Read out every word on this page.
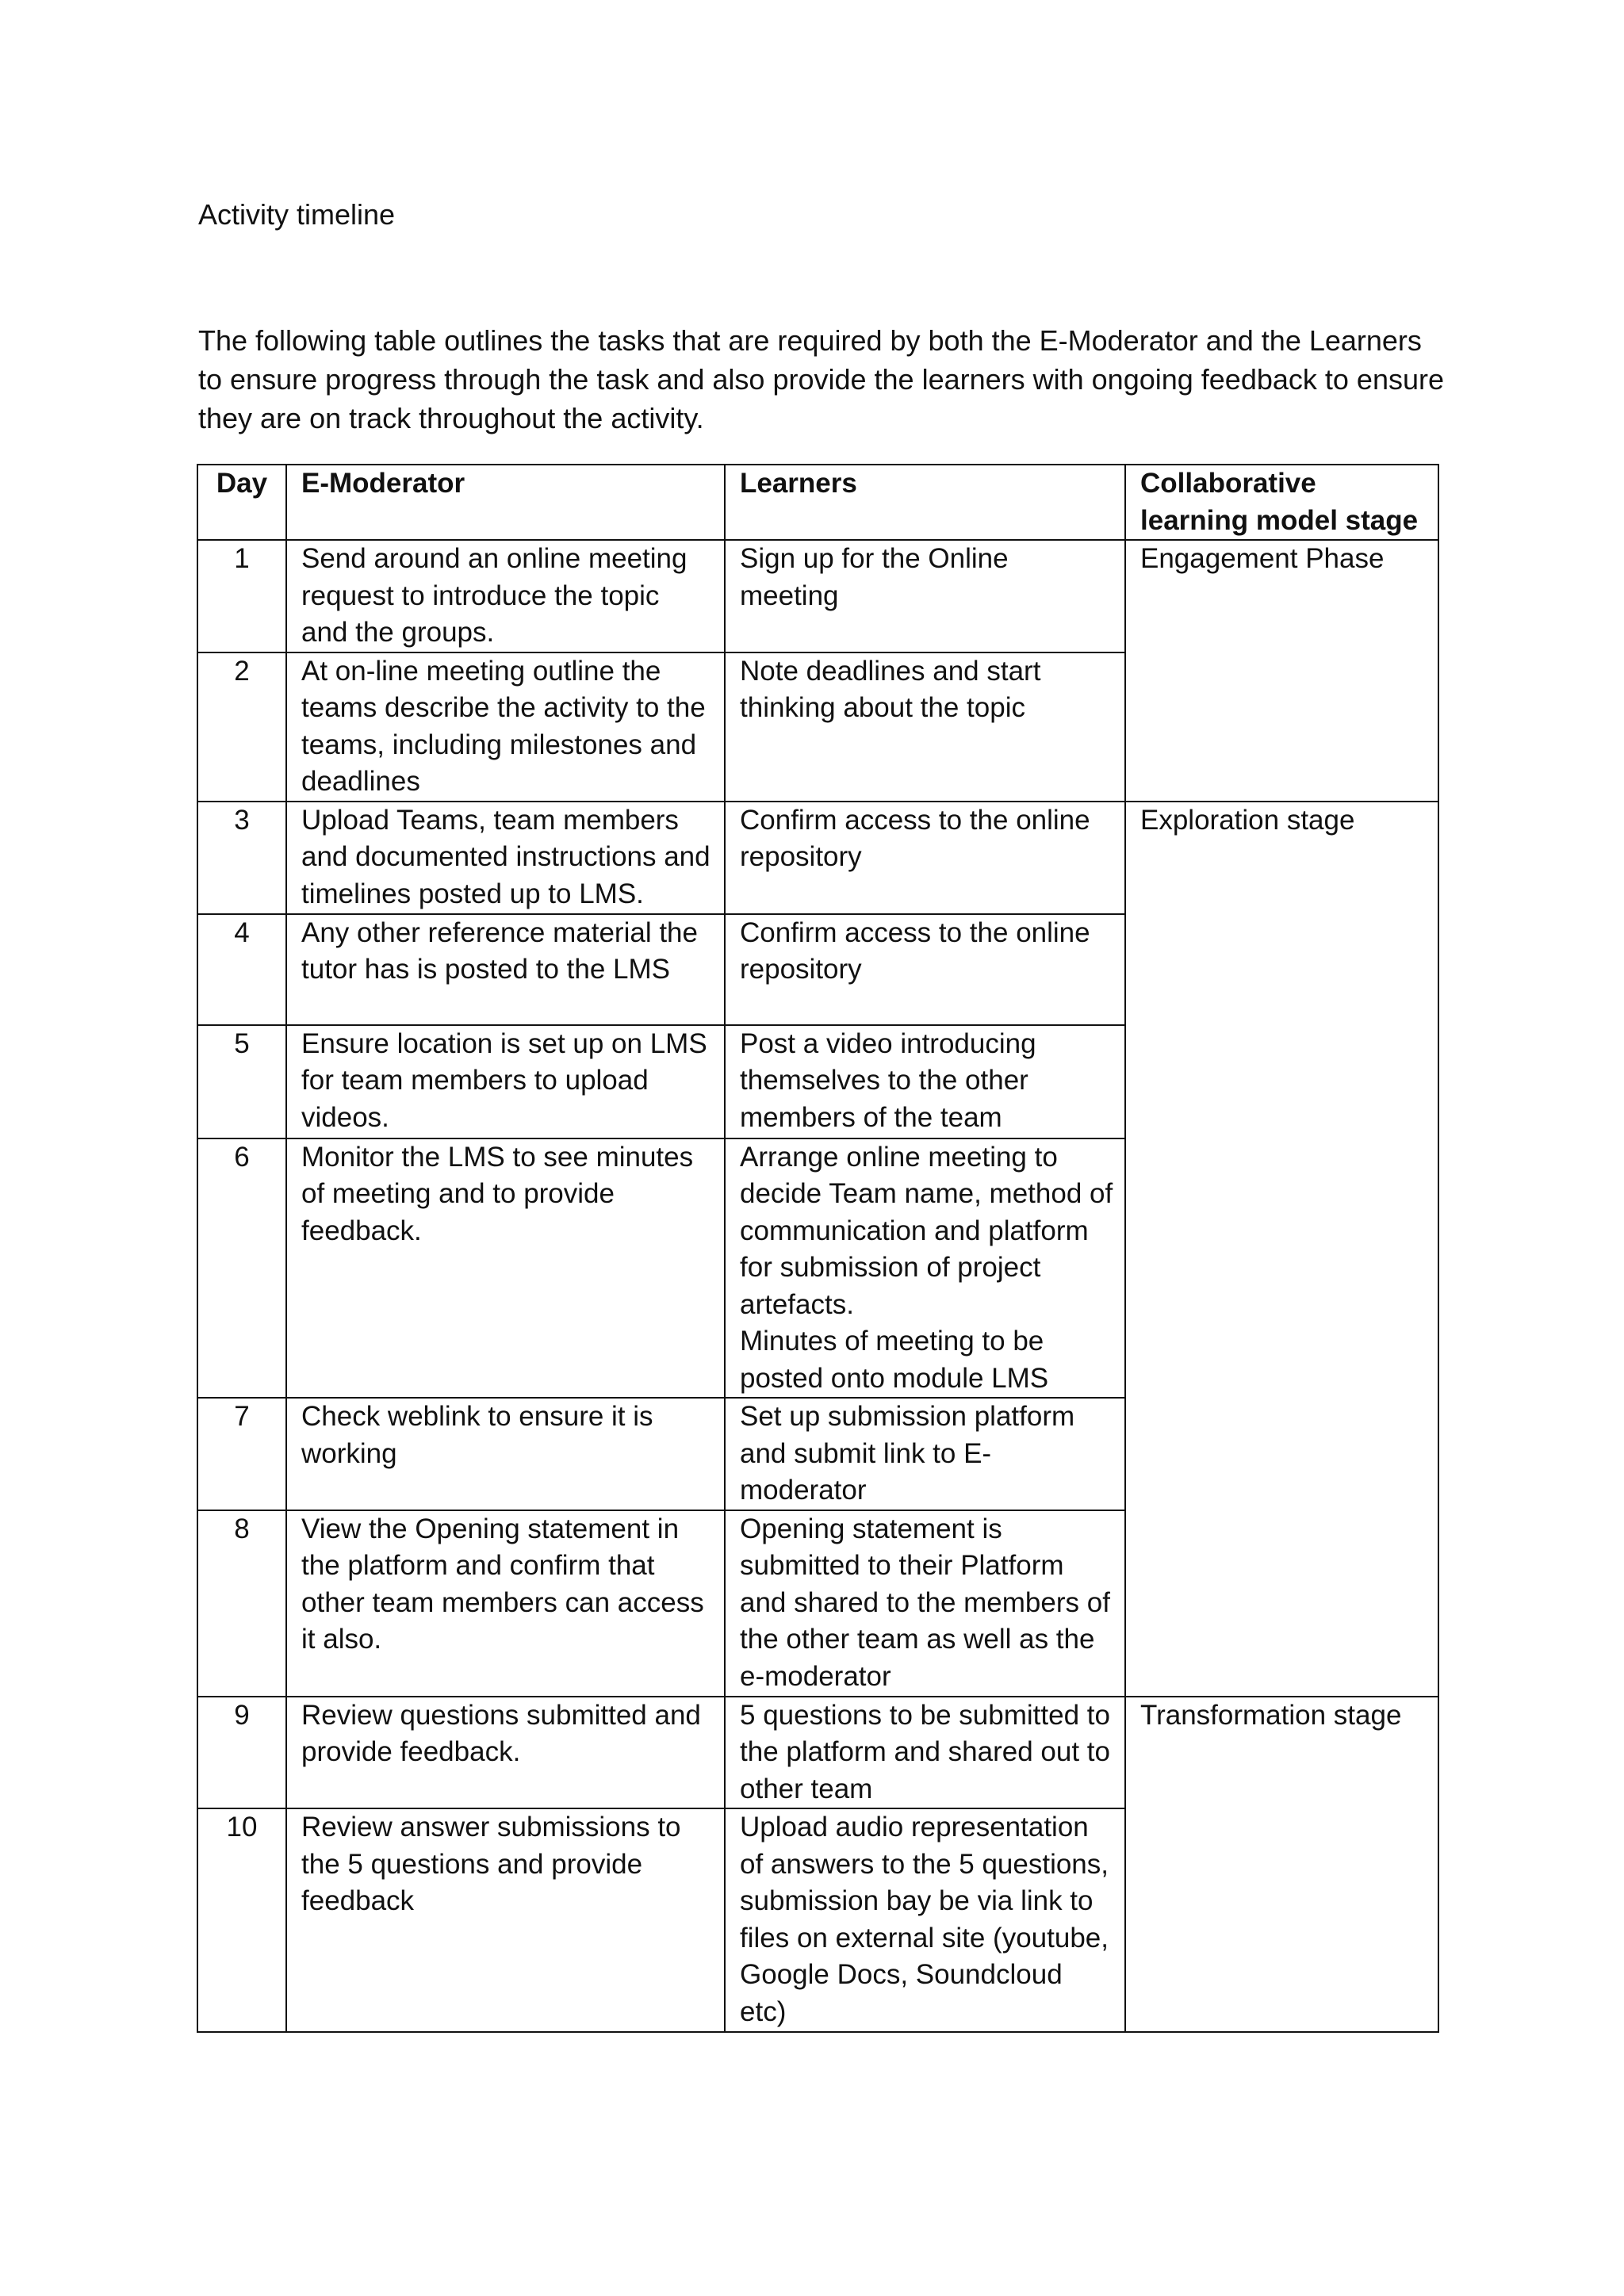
Activity timeline

The following table outlines the tasks that are required by both the E-Moderator and the Learners to ensure progress through the task and also provide the learners with ongoing feedback to ensure they are on track throughout the activity.

Day	E-Moderator	Learners	Collaborative learning model stage
1	Send around an online meeting request to introduce the topic and the groups.	Sign up for the Online meeting	Engagement Phase
2	At on-line meeting outline the teams describe the activity to the teams, including milestones and deadlines	Note deadlines and start thinking about the topic	
3	Upload Teams, team members and documented instructions and timelines posted up to LMS.	Confirm access to the online repository	Exploration stage
4	Any other reference material the tutor has is posted to the LMS	Confirm access to the online repository	
5	Ensure location is set up on LMS for team members to upload videos.	Post a video introducing themselves to the other members of the team	
6	Monitor the LMS to see minutes of meeting and to provide feedback.	Arrange online meeting to decide Team name, method of communication and platform for submission of project artefacts.
Minutes of meeting to be posted onto module LMS	
7	Check weblink to ensure it is working	Set up submission platform and submit link to E-moderator	
8	View the Opening statement in the platform and confirm that other team members can access it also.	Opening statement is submitted to their Platform and shared to the members of the other team as well as the e-moderator	
9	Review questions submitted and provide feedback.	5 questions to be submitted to the platform and shared out to other team	Transformation stage
10	Review answer submissions to the 5 questions and provide feedback	Upload audio representation of answers to the 5 questions, submission bay be via link to files on external site (youtube, Google Docs, Soundcloud etc)	
